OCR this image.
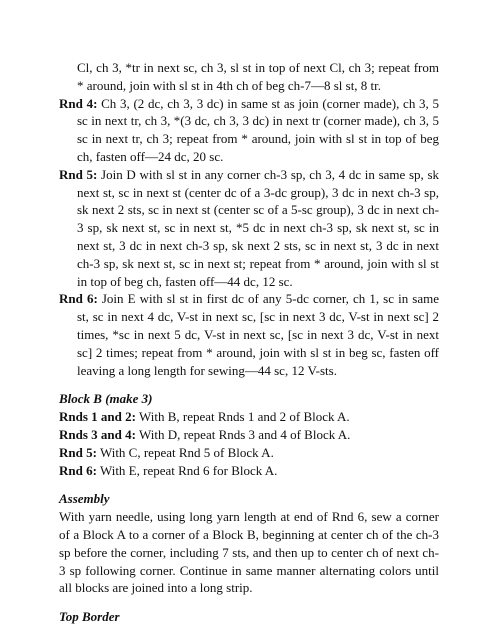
Cl, ch 3, *tr in next sc, ch 3, sl st in top of next Cl, ch 3; repeat from * around, join with sl st in 4th ch of beg ch-7—8 sl st, 8 tr.

Rnd 4: Ch 3, (2 dc, ch 3, 3 dc) in same st as join (corner made), ch 3, 5 sc in next tr, ch 3, *(3 dc, ch 3, 3 dc) in next tr (corner made), ch 3, 5 sc in next tr, ch 3; repeat from * around, join with sl st in top of beg ch, fasten off—24 dc, 20 sc.

Rnd 5: Join D with sl st in any corner ch-3 sp, ch 3, 4 dc in same sp, sk next st, sc in next st (center dc of a 3-dc group), 3 dc in next ch-3 sp, sk next 2 sts, sc in next st (center sc of a 5-sc group), 3 dc in next ch-3 sp, sk next st, sc in next st, *5 dc in next ch-3 sp, sk next st, sc in next st, 3 dc in next ch-3 sp, sk next 2 sts, sc in next st, 3 dc in next ch-3 sp, sk next st, sc in next st; repeat from * around, join with sl st in top of beg ch, fasten off—44 dc, 12 sc.

Rnd 6: Join E with sl st in first dc of any 5-dc corner, ch 1, sc in same st, sc in next 4 dc, V-st in next sc, [sc in next 3 dc, V-st in next sc] 2 times, *sc in next 5 dc, V-st in next sc, [sc in next 3 dc, V-st in next sc] 2 times; repeat from * around, join with sl st in beg sc, fasten off leaving a long length for sewing—44 sc, 12 V-sts.

Block B (make 3)

Rnds 1 and 2: With B, repeat Rnds 1 and 2 of Block A.

Rnds 3 and 4: With D, repeat Rnds 3 and 4 of Block A.

Rnd 5: With C, repeat Rnd 5 of Block A.

Rnd 6: With E, repeat Rnd 6 for Block A.

Assembly

With yarn needle, using long yarn length at end of Rnd 6, sew a corner of a Block A to a corner of a Block B, beginning at center ch of the ch-3 sp before the corner, including 7 sts, and then up to center ch of next ch-3 sp following corner. Continue in same manner alternating colors until all blocks are joined into a long strip.

Top Border
